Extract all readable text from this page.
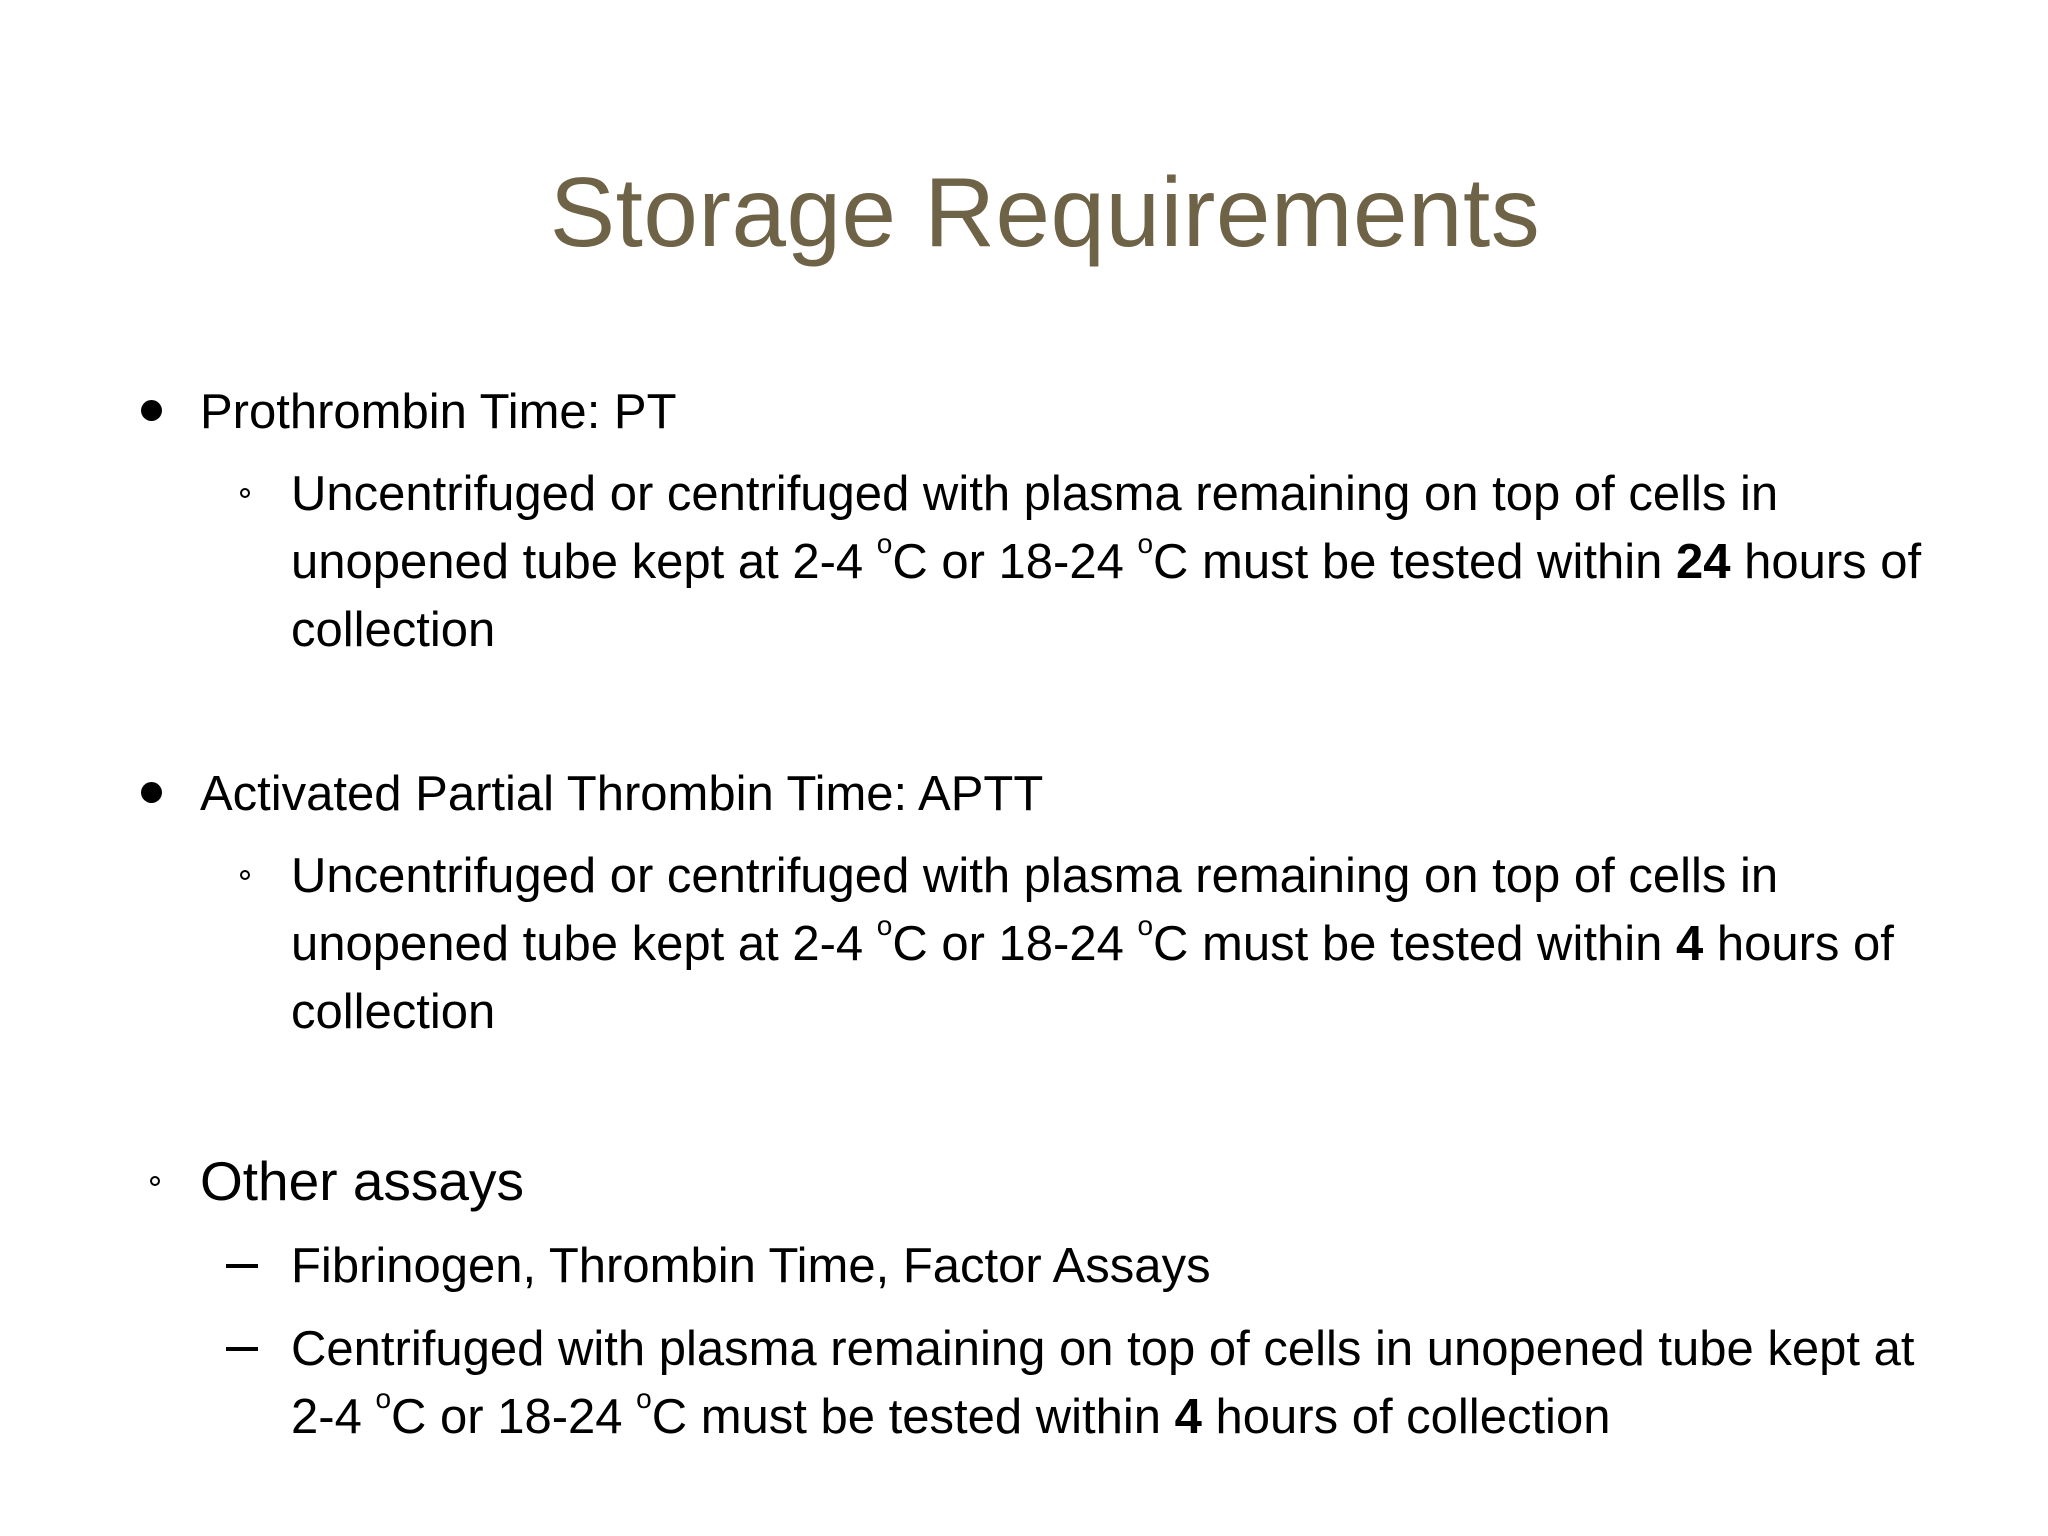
Storage Requirements
Prothrombin Time: PT
Uncentrifuged or centrifuged with plasma remaining on top of cells in unopened tube kept at 2-4 $^o$C or 18-24 $^o$C must be tested within 24 hours of collection
Activated Partial Thrombin Time: APTT
Uncentrifuged or centrifuged with plasma remaining on top of cells in unopened tube kept at 2-4 $^o$C or 18-24 $^o$C must be tested within 4 hours of collection
Other assays
Fibrinogen, Thrombin Time, Factor Assays
Centrifuged with plasma remaining on top of cells in unopened tube kept at 2-4 $^o$C or 18-24 $^o$C must be tested within 4 hours of collection
